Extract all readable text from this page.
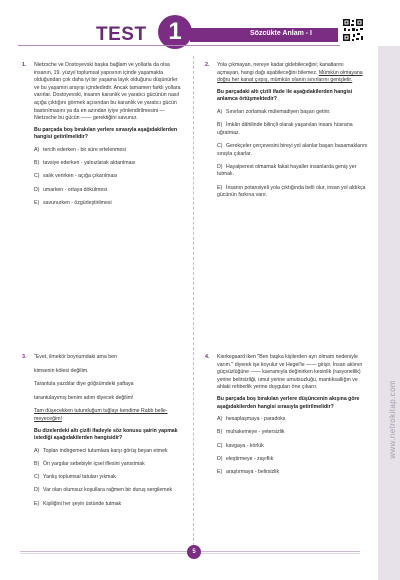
TEST 1	Sözcükte Anlam - I
www.netrokitap.com
1. Nietzsche ve Dostoyevski başka bağlam ve yollarla da olsa insanın, 19. yüzyıl toplumsal yapısının içinde yaşamakta olduğundan çok daha iyi bir yaşama layık olduğunu düşünürler ve bu yaşamın arayışı içindedirdir. Ancak tamamen farklı yollara varırlar. Dostoyevski, insanın karanlık ve yaratıcı gücünün nasıl açığa çıktığını görmek açısından bu karanlık ve yaratıcı gücün bastırılmasını ya da en azından iyiye yönlendirilmesini — Nietzsche bu gücün —— gerektiğini savunur.

Bu parçada boş bırakılan yerlere sırasıyla aşağıdakilerden hangisi getirilmelidir?

A) tercih ederken - bir süre ertelenmesi
B) tavsiye ederken - yalnızlarak aktarılması
C) salık verirken - açığa çıkarılması
D) umarken - ortaya dökülmesi
E) savunurken - özgürleştirilmesi
2. Yola çıkmayan, nereye kadar gidebileceğini; kanatlarını
açmayan, hangi dağı aşabileceğini bilemez. Mümkün olmayana doğru her kanat çırpış, mümkün olanın sınırlarını genişletir.

Bu parçadaki altı çizili ifade ile aşağıdakilerden hangisi anlamca örtüşmektedir?

A) Sınırları zorlamak mülemadiyen başarı getirir.
B) İmkân dâhilinde bilinçli olarak yaşanılan insanı hüsrana uğratmaz.
C) Gerekçeler çerçevesini bireyi yol alanlar başarı basamaklarını sırayla çıkarlar.
D) Hayalperest olmamak fakat hayaller insanlarda geniş yer tutmalı.
E) İnsanın potansiyeli yola çıktığında belli olur, insan yol aldıkça gücünün farkına varır.
3. "Evet, ilmekör boynumdaki ama ben

kimsenin kölesi değilim.

Tarantula yazdılar diye göğsümdeki yaftaya

tarantulayımış benim adım diyecek değilim!

Tam düşecekken tutunduğum tuğlayı kendime Rabb belle-meyeceğim!

Bu dizelerdeki altı çizili ifadeyle söz konusu şairin yapmak istediği aşağıdakilerden hangisidir?

A) Toplan indirgemeci tutumlara karşı görüş beyan etmek
B) Ön yargılar sebebiyle içsel iflesini yansıtmak
C) Yanlış toplumsal tatuları yıkmak
D) Var olan olumsuz koşullara rağmen bir duruş sergilemek
E) Kişiliğini her şeyin üstünde tutmak
4. Kierkegaard iken "Ben başka kişilerden ayrı olmam nedeniyle varım." diyerek işe koyulur ve Hegel'le —— girişir. İnsan aklının güçsüzlüğüne —— kavramıyla değinirken kesinlik (rasyonellik) yerine belirsizliği, umut yerine umutsuzluğu, mantıksallığın ve ahlaki rehberlik yerine duyguları öne çıkarır.

Bu parçada boş bırakılan yerlere düşüncenin akışına göre aşağıdakilerden hangisi sırasıyla getirilmelidir?

A) hesaplaşmaya - paradoks
B) muhakemeye - yetersizlik
C) kavgaya - körlük
D) eleştirmeye - zayıflık
E) araştırmaya - belirsizlik
5
